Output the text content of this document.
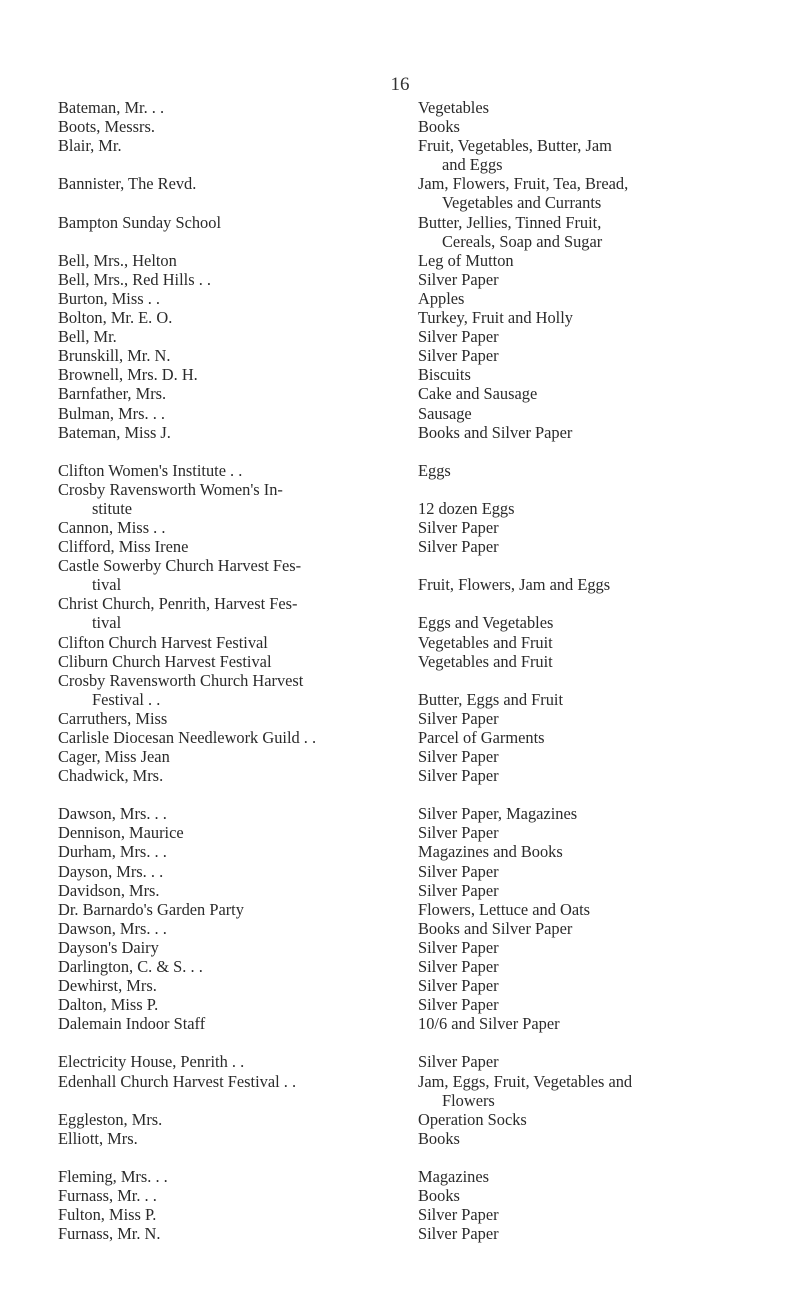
16
Bateman, Mr. . .	Vegetables
Boots, Messrs.	Books
Blair, Mr.	Fruit, Vegetables, Butter, Jam
and Eggs
Bannister, The Revd.	Jam, Flowers, Fruit, Tea, Bread,
Vegetables and Currants
Bampton Sunday School	Butter, Jellies, Tinned Fruit,
Cereals, Soap and Sugar
Bell, Mrs., Helton	Leg of Mutton
Bell, Mrs., Red Hills . .	Silver Paper
Burton, Miss . .	Apples
Bolton, Mr. E. O.	Turkey, Fruit and Holly
Bell, Mr.	Silver Paper
Brunskill, Mr. N.	Silver Paper
Brownell, Mrs. D. H.	Biscuits
Barnfather, Mrs.	Cake and Sausage
Bulman, Mrs. . .	Sausage
Bateman, Miss J.	Books and Silver Paper
Clifton Women's Institute . .	Eggs
Crosby Ravensworth Women's In-
stitute
	12 dozen Eggs
Cannon, Miss . .	Silver Paper
Clifford, Miss Irene	Silver Paper
Castle Sowerby Church Harvest Fes-
tival
	Fruit, Flowers, Jam and Eggs
Christ Church, Penrith, Harvest Fes-
tival
	Eggs and Vegetables
Clifton Church Harvest Festival	Vegetables and Fruit
Cliburn Church Harvest Festival	Vegetables and Fruit
Crosby Ravensworth Church Harvest
Festival . .
	Butter, Eggs and Fruit
Carruthers, Miss	Silver Paper
Carlisle Diocesan Needlework Guild . .	Parcel of Garments
Cager, Miss Jean	Silver Paper
Chadwick, Mrs.	Silver Paper
Dawson, Mrs. . .	Silver Paper, Magazines
Dennison, Maurice	Silver Paper
Durham, Mrs. . .	Magazines and Books
Dayson, Mrs. . .	Silver Paper
Davidson, Mrs.	Silver Paper
Dr. Barnardo's Garden Party	Flowers, Lettuce and Oats
Dawson, Mrs. . .	Books and Silver Paper
Dayson's Dairy	Silver Paper
Darlington, C. & S. . .	Silver Paper
Dewhirst, Mrs.	Silver Paper
Dalton, Miss P.	Silver Paper
Dalemain Indoor Staff	10/6 and Silver Paper
Electricity House, Penrith . .	Silver Paper
Edenhall Church Harvest Festival . .	Jam, Eggs, Fruit, Vegetables and
Flowers
Eggleston, Mrs.	Operation Socks
Elliott, Mrs.	Books
Fleming, Mrs. . .	Magazines
Furnass, Mr. . .	Books
Fulton, Miss P.	Silver Paper
Furnass, Mr. N.	Silver Paper
